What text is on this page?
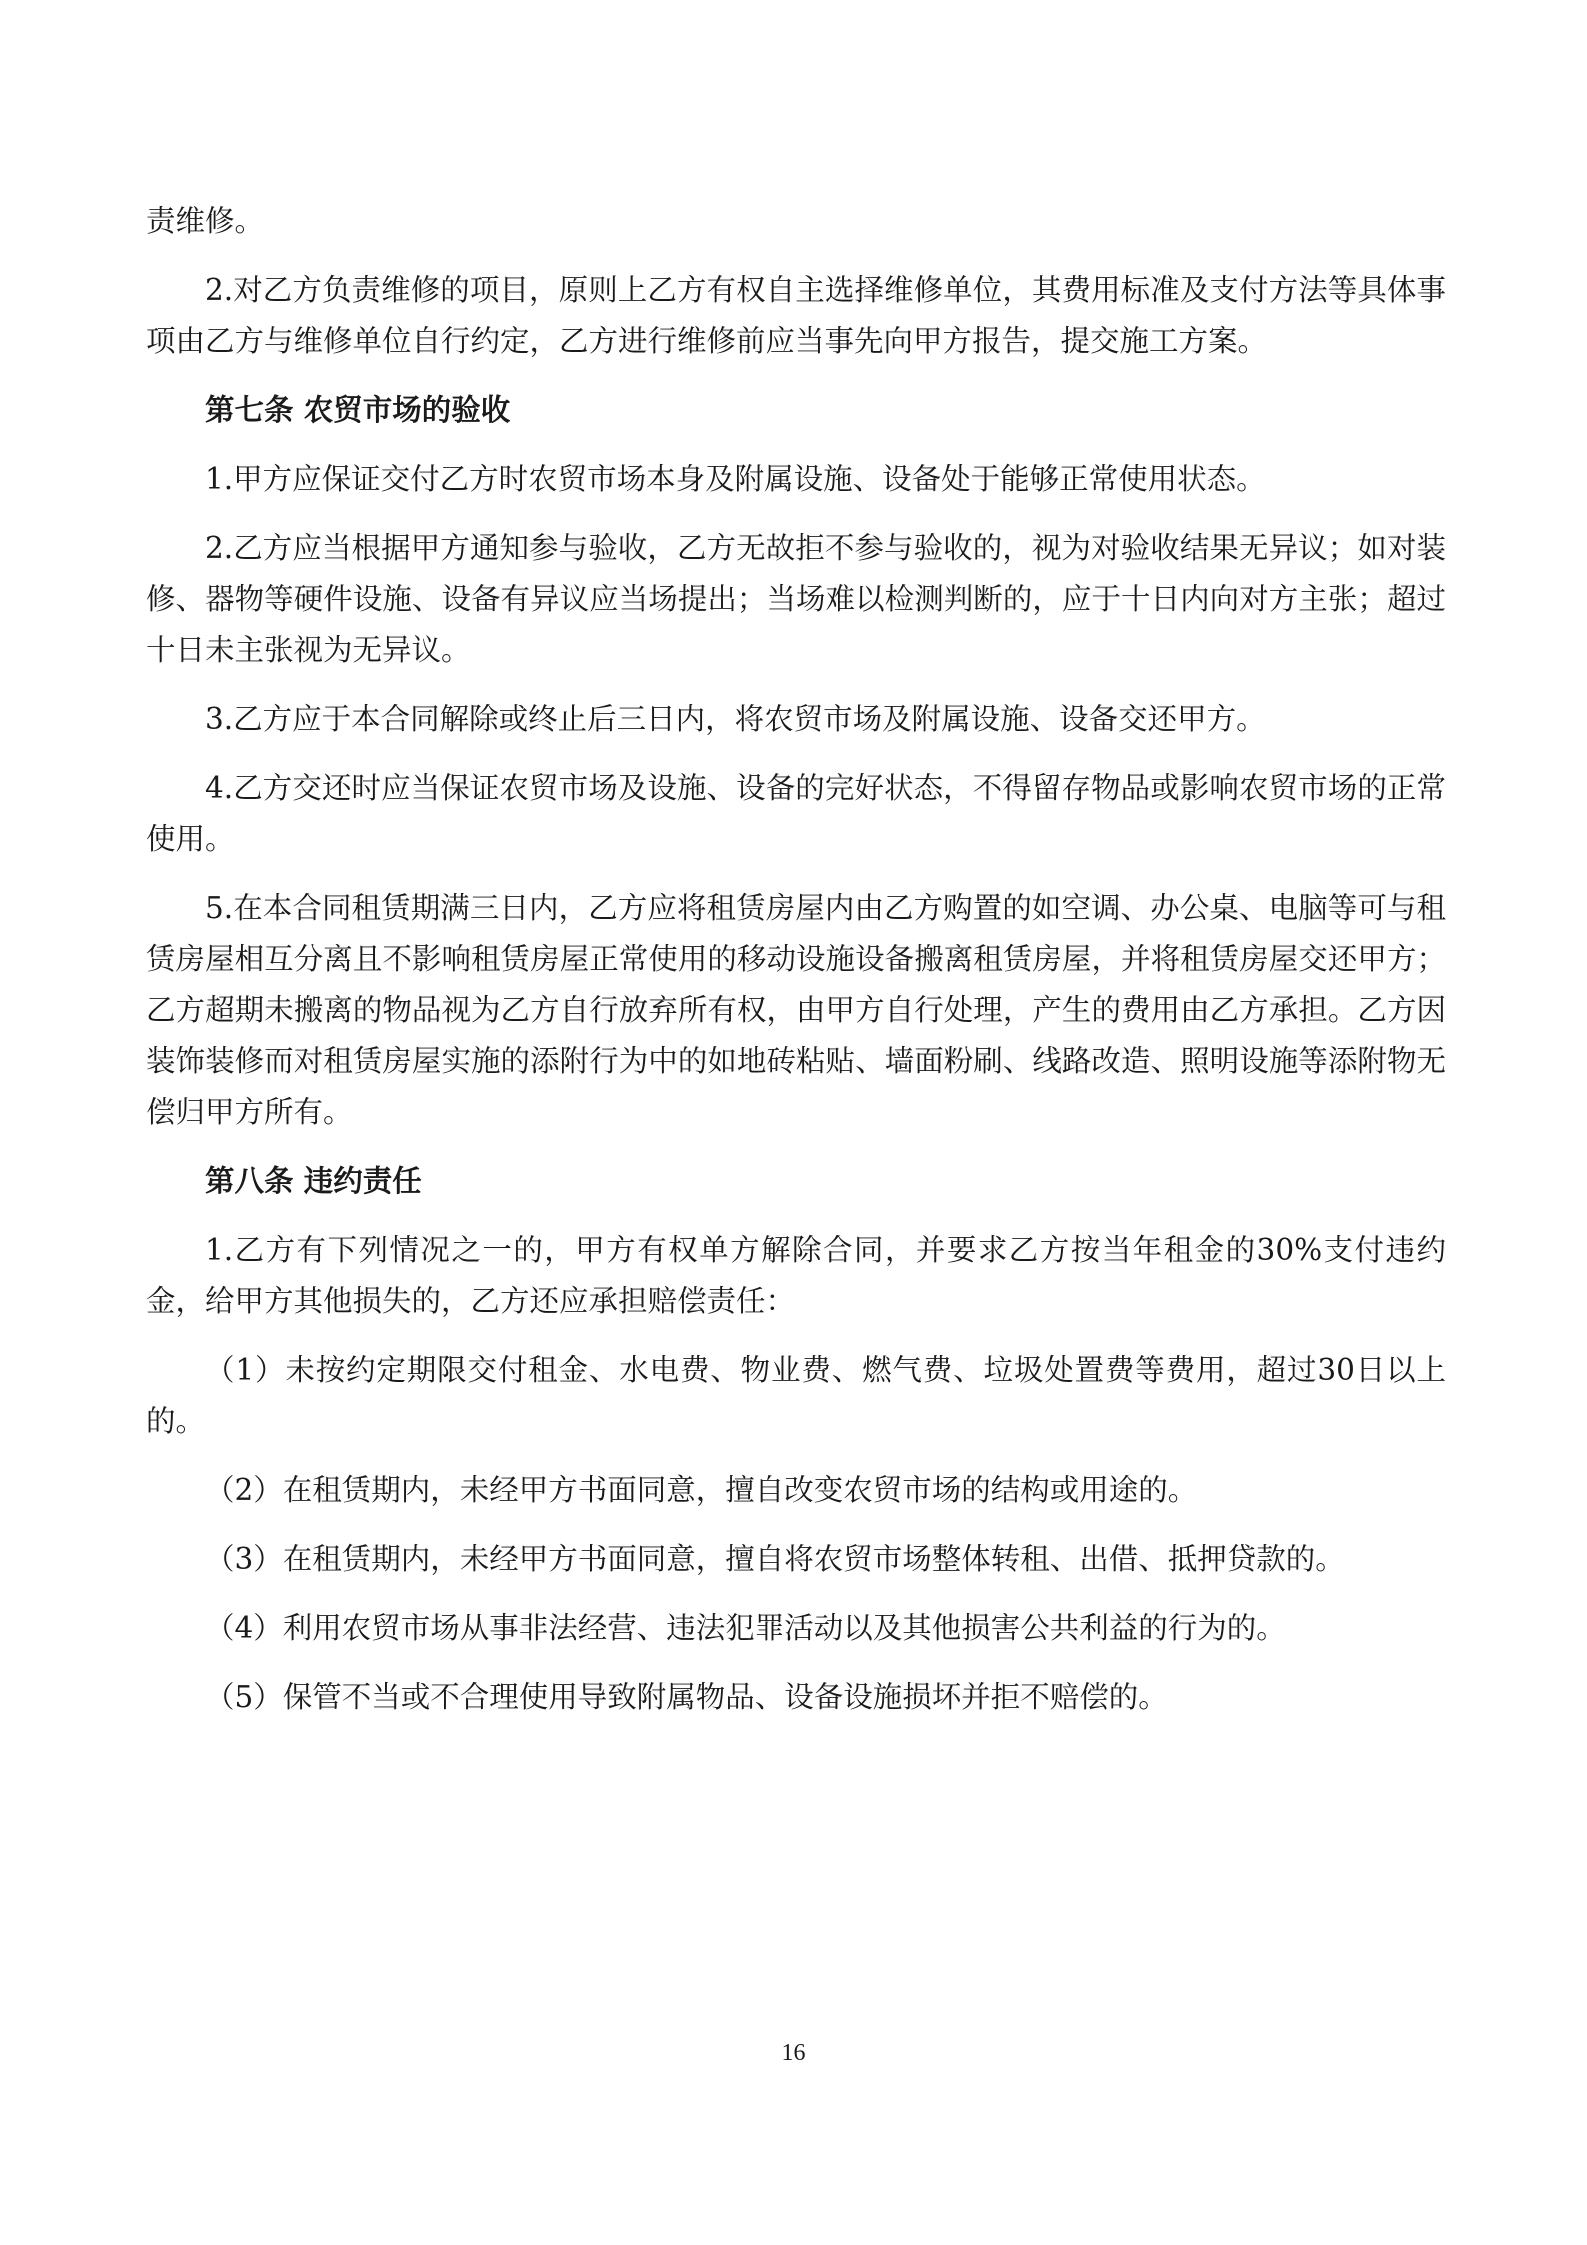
责维修。

2.对乙方负责维修的项目，原则上乙方有权自主选择维修单位，其费用标准及支付方法等具体事项由乙方与维修单位自行约定，乙方进行维修前应当事先向甲方报告，提交施工方案。

第七条 农贸市场的验收

1.甲方应保证交付乙方时农贸市场本身及附属设施、设备处于能够正常使用状态。

2.乙方应当根据甲方通知参与验收，乙方无故拒不参与验收的，视为对验收结果无异议；如对装修、器物等硬件设施、设备有异议应当场提出；当场难以检测判断的，应于十日内向对方主张；超过十日未主张视为无异议。

3.乙方应于本合同解除或终止后三日内，将农贸市场及附属设施、设备交还甲方。

4.乙方交还时应当保证农贸市场及设施、设备的完好状态，不得留存物品或影响农贸市场的正常使用。

5.在本合同租赁期满三日内，乙方应将租赁房屋内由乙方购置的如空调、办公桌、电脑等可与租赁房屋相互分离且不影响租赁房屋正常使用的移动设施设备搬离租赁房屋，并将租赁房屋交还甲方；乙方超期未搬离的物品视为乙方自行放弃所有权，由甲方自行处理，产生的费用由乙方承担。乙方因装饰装修而对租赁房屋实施的添附行为中的如地砖粘贴、墙面粉刷、线路改造、照明设施等添附物无偿归甲方所有。

第八条 违约责任

1.乙方有下列情况之一的，甲方有权单方解除合同，并要求乙方按当年租金的30%支付违约金，给甲方其他损失的，乙方还应承担赔偿责任：

（1）未按约定期限交付租金、水电费、物业费、燃气费、垃圾处置费等费用，超过30日以上的。

（2）在租赁期内，未经甲方书面同意，擅自改变农贸市场的结构或用途的。

（3）在租赁期内，未经甲方书面同意，擅自将农贸市场整体转租、出借、抵押贷款的。

（4）利用农贸市场从事非法经营、违法犯罪活动以及其他损害公共利益的行为的。

（5）保管不当或不合理使用导致附属物品、设备设施损坏并拒不赔偿的。

16
